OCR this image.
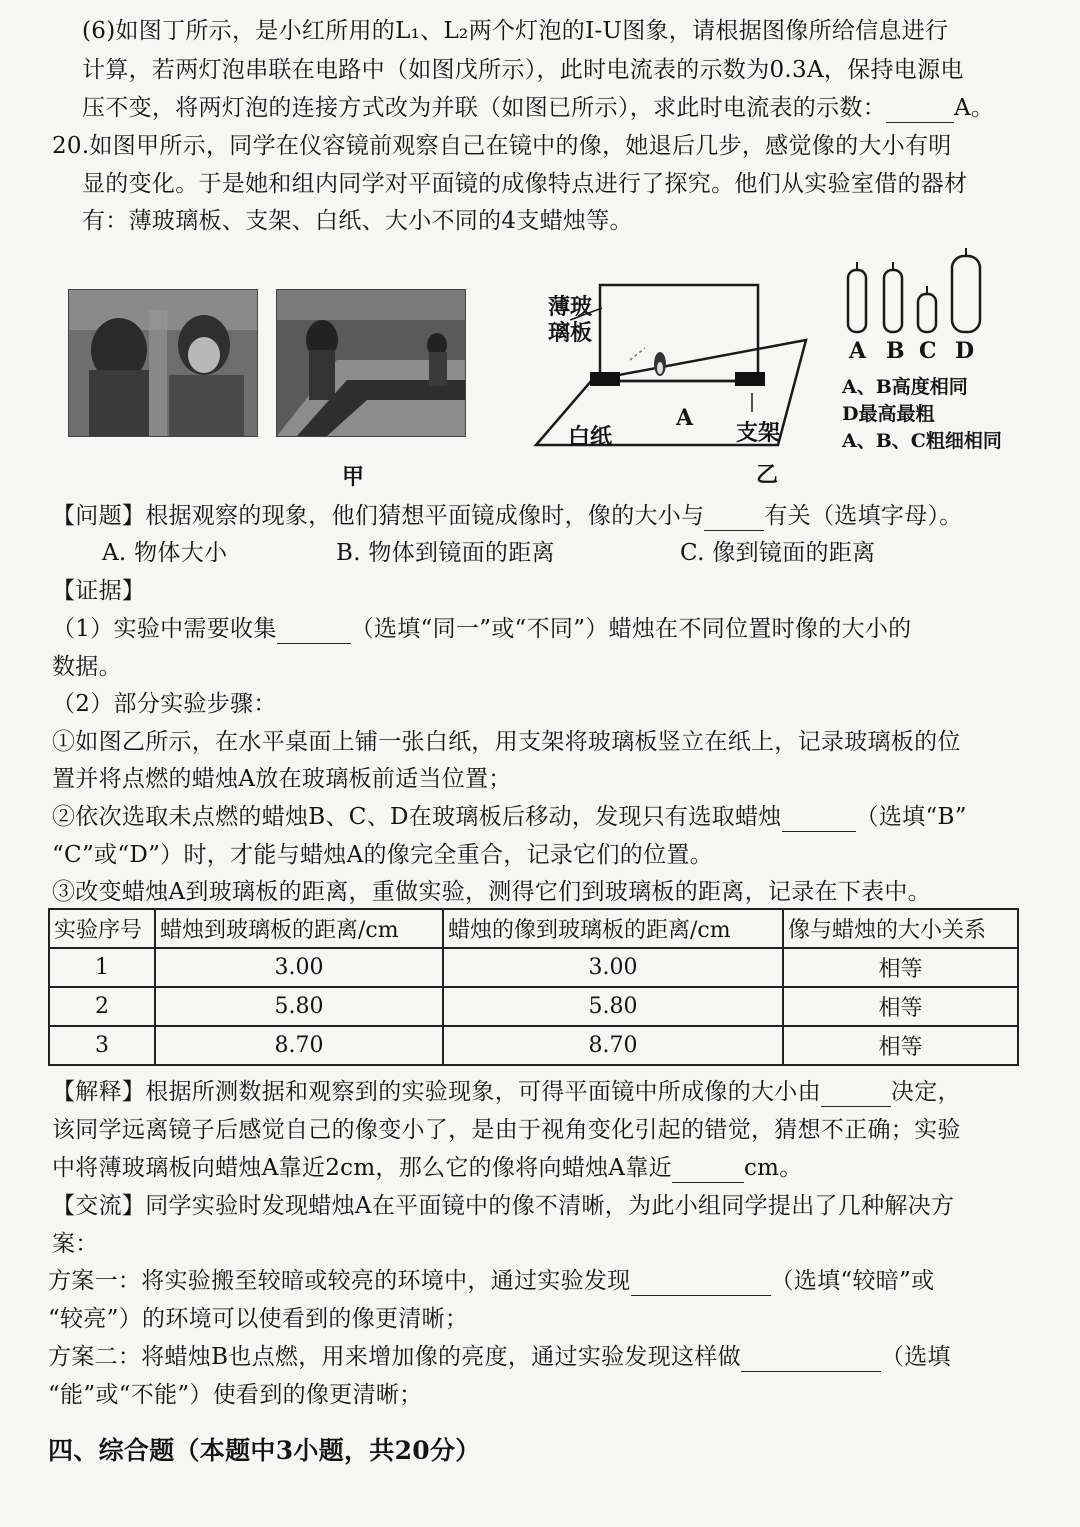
(6)如图丁所示，是小红所用的L₁、L₂两个灯泡的I-U图象，请根据图像所给信息进行
计算，若两灯泡串联在电路中（如图戊所示），此时电流表的示数为0.3A，保持电源电
压不变，将两灯泡的连接方式改为并联（如图已所示），求此时电流表的示数：	A。
20.如图甲所示，同学在仪容镜前观察自己在镜中的像，她退后几步，感觉像的大小有明
显的变化。于是她和组内同学对平面镜的成像特点进行了探究。他们从实验室借的器材
有：薄玻璃板、支架、白纸、大小不同的4支蜡烛等。
甲
薄玻
璃板
白纸
A
支架
乙
A B C D
A、B高度相同
D最高最粗
A、B、C粗细相同
【问题】根据观察的现象，他们猜想平面镜成像时，像的大小与	有关（选填字母）。
A. 物体大小	B. 物体到镜面的距离	C. 像到镜面的距离
【证据】
（1）实验中需要收集	（选填“同一”或“不同”）蜡烛在不同位置时像的大小的
数据。
（2）部分实验步骤：
①如图乙所示，在水平桌面上铺一张白纸，用支架将玻璃板竖立在纸上，记录玻璃板的位
置并将点燃的蜡烛A放在玻璃板前适当位置；
②依次选取未点燃的蜡烛B、C、D在玻璃板后移动，发现只有选取蜡烛	（选填“B”
“C”或“D”）时，才能与蜡烛A的像完全重合，记录它们的位置。
③改变蜡烛A到玻璃板的距离，重做实验，测得它们到玻璃板的距离，记录在下表中。
实验序号	蜡烛到玻璃板的距离/cm	蜡烛的像到玻璃板的距离/cm	像与蜡烛的大小关系
1	3.00	3.00	相等
2	5.80	5.80	相等
3	8.70	8.70	相等
【解释】根据所测数据和观察到的实验现象，可得平面镜中所成像的大小由	决定，
该同学远离镜子后感觉自己的像变小了，是由于视角变化引起的错觉，猜想不正确；实验
中将薄玻璃板向蜡烛A靠近2cm，那么它的像将向蜡烛A靠近	cm。
【交流】同学实验时发现蜡烛A在平面镜中的像不清晰，为此小组同学提出了几种解决方
案：
方案一：将实验搬至较暗或较亮的环境中，通过实验发现	（选填“较暗”或
“较亮”）的环境可以使看到的像更清晰；
方案二：将蜡烛B也点燃，用来增加像的亮度，通过实验发现这样做	（选填
“能”或“不能”）使看到的像更清晰；
四、综合题（本题中3小题，共20分）
